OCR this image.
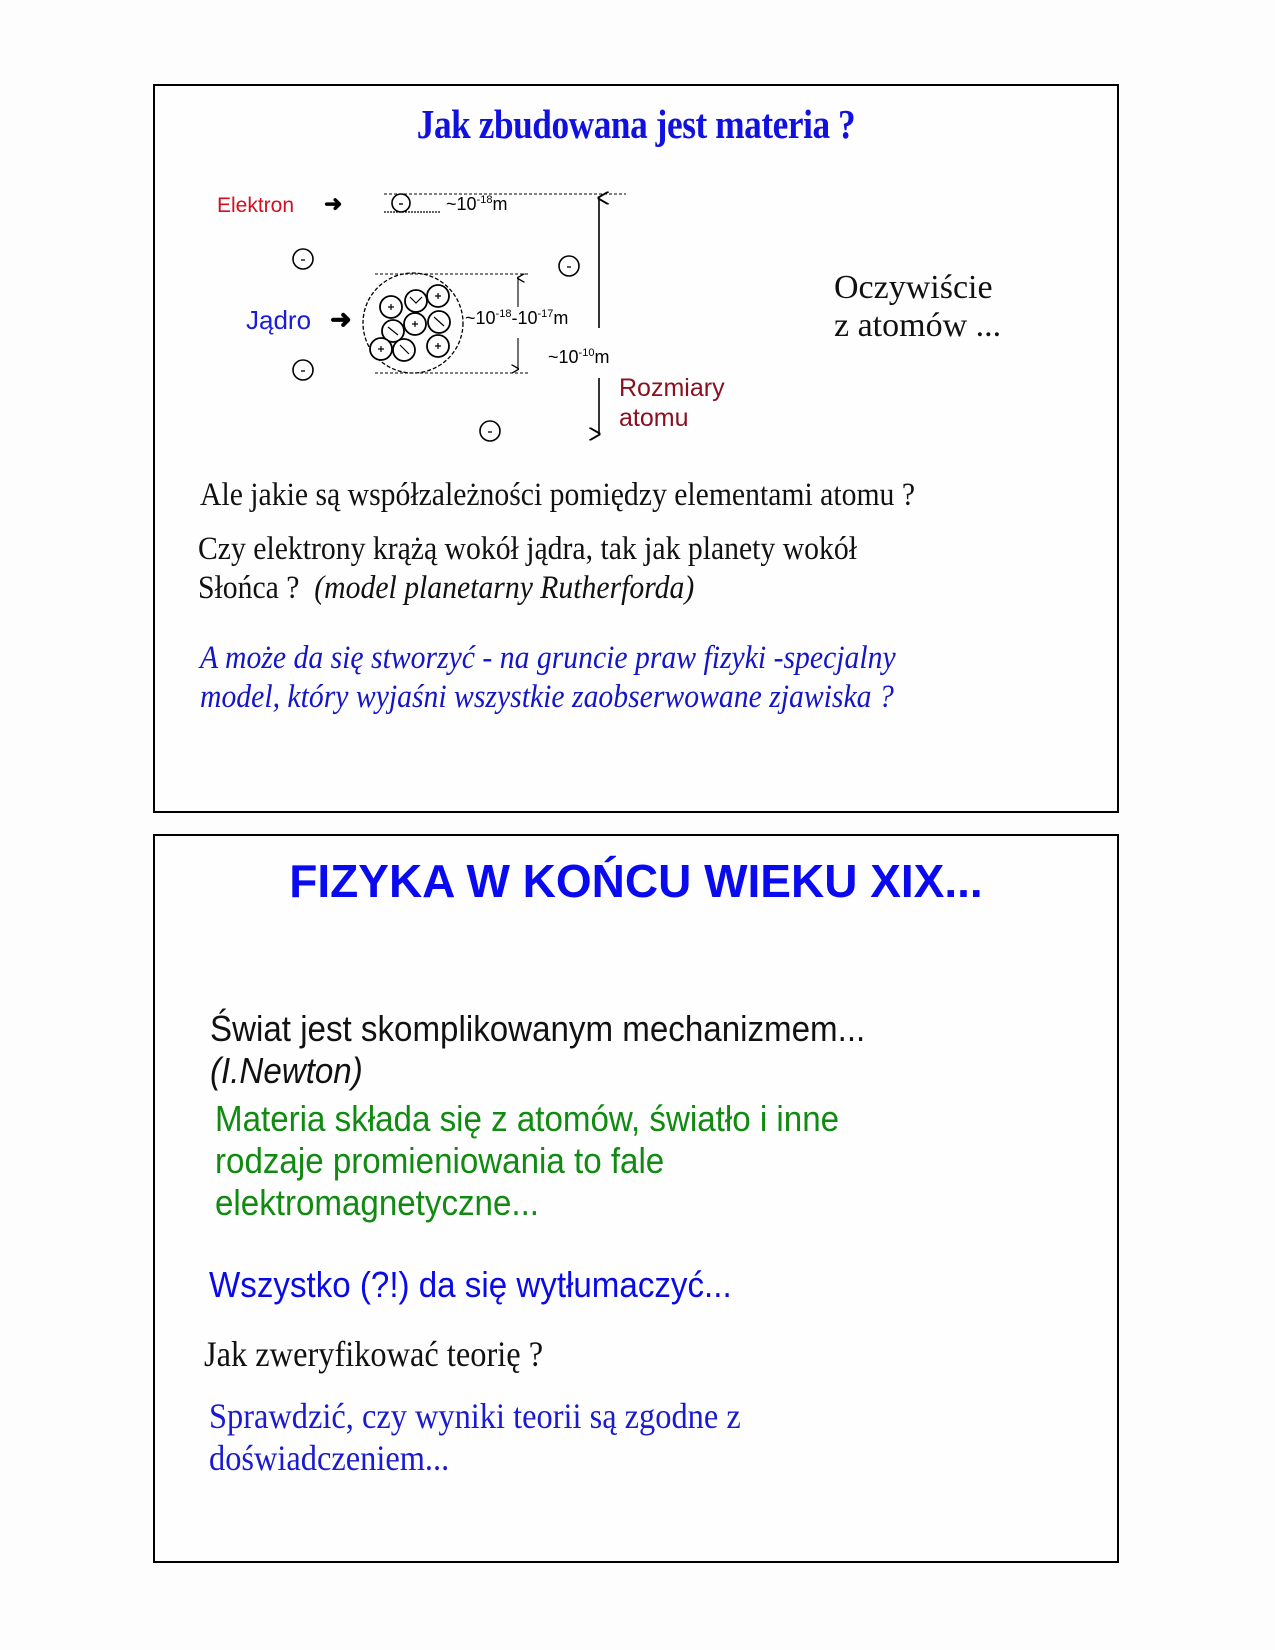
Jak zbudowana jest materia ?
Elektron ➜
Jądro ➜
$\sim 10^{-18}m$
$\sim 10^{-18}-10^{-17}m$
$\sim 10^{-10}m$
Rozmiary
atomu
Oczywiście
z atomów ...
Ale jakie są współzależności pomiędzy elementami atomu ?
Czy elektrony krążą wokół jądra, tak jak planety wokół
Słońca ? (model planetarny Rutherforda)
A może da się stworzyć - na gruncie praw fizyki -specjalny
model, który wyjaśni wszystkie zaobserwowane zjawiska ?
FIZYKA W KOŃCU WIEKU XIX...
Świat jest skomplikowanym mechanizmem...
(I.Newton)
Materia składa się z atomów, światło i inne
rodzaje promieniowania to fale
elektromagnetyczne...
Wszystko (?!) da się wytłumaczyć...
Jak zweryfikować teorię ?
Sprawdzić, czy wyniki teorii są zgodne z
doświadczeniem...
